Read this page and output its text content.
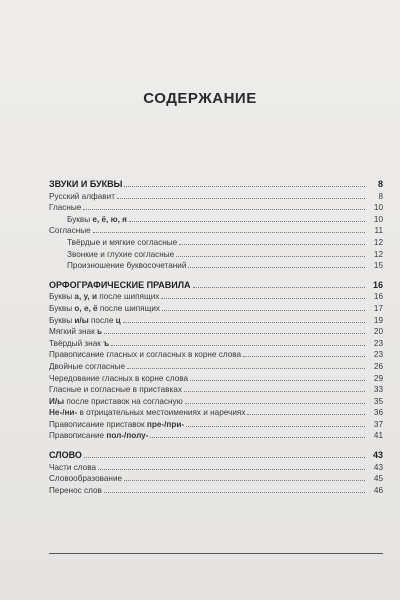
СОДЕРЖАНИЕ
ЗВУКИ И БУКВЫ	8
Русский алфавит	8
Гласные	10
Буквы е, ё, ю, я	10
Согласные	11
Твёрдые и мягкие согласные	12
Звонкие и глухие согласные	12
Произношение буквосочетаний	15
ОРФОГРАФИЧЕСКИЕ ПРАВИЛА	16
Буквы а, у, и после шипящих	16
Буквы о, е, ё после шипящих	17
Буквы и/ы после ц	19
Мягкий знак ь	20
Твёрдый знак ъ	23
Правописание гласных и согласных в корне слова	23
Двойные согласные	26
Чередование гласных в корне слова	29
Гласные и согласные в приставках	33
И/ы после приставок на согласную	35
Не-/ни- в отрицательных местоимениях и наречиях	36
Правописание приставок пре-/при-	37
Правописание пол-/полу-	41
СЛОВО	43
Части слова	43
Словообразование	45
Перенос слов	46
